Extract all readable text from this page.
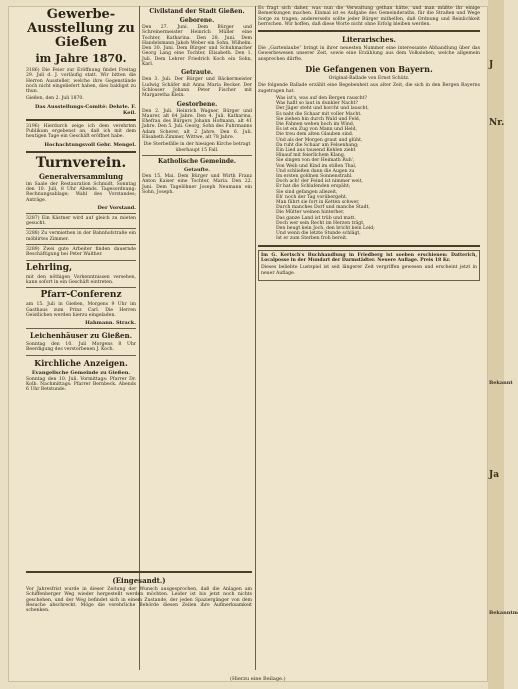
J
Nr.
Bekannt
Ja
Bekanntm
Gewerbe-Ausstellung zu Gießen
im Jahre 1870.
3186) Die Feier zur Eröffnung findet Freitag 29. Juli d. J. vorläufig statt. Wir bitten die Herren Aussteller, welche ihre Gegenstände noch nicht eingeliefert haben, dies baldigst zu thun.
Gießen, den 2. Juli 1870.
Das Ausstellungs-Comité: Dehrle. F. Keil.
3196) Hierdurch zeige ich dem verehrten Publikum ergebenst an, daß ich mit dem heutigen Tage ein Geschäft eröffnet habe.
Hochachtungsvoll Gebr. Mengel.
Turnverein.
Generalversammlung
im Saale der Restauration Schmidt, Sonntag den 10. Juli, 8 Uhr Abends. Tagesordnung: Rechnungsablage; Wahl des Vorstandes; Anträge.
Der Vorstand.
3287) Ein Kästner wird auf gleich zu mieten gesucht.
3288) Zu vermiethen in der Bahnhofstraße ein möblirtes Zimmer.
3289) Zwei gute Arbeiter finden dauernde Beschäftigung bei Peter Walther.
Lehrling,
mit den nöthigen Vorkenntnissen versehen, kann sofort in ein Geschäft eintreten.
Pfarr-Conferenz
am 15. Juli in Gießen, Morgens 9 Uhr im Gasthaus zum Prinz Carl. Die Herren Geistlichen werden hierzu eingeladen.
Hahmann. Strack.
Leichenhäuser zu Gießen.
Sonntag den 10. Juli Morgens 8 Uhr Beerdigung des verstorbenen J. Koch.
Kirchliche Anzeigen.
Evangelische Gemeinde zu Gießen.
Sonntag den 10. Juli. Vormittags: Pfarrer Dr. Kolb. Nachmittags: Pfarrer Bernbeck. Abends 6 Uhr Betstunde.
(Eingesandt.)
Vor Jahresfrist wurde in dieser Zeitung der Wunsch ausgesprochen, daß die Anlagen am Schiffenberger Weg wieder hergestellt werden möchten. Leider ist bis jetzt noch nichts geschehen, und der Weg befindet sich in einem Zustande, der jeden Spaziergänger von dem Besuche abschreckt. Möge die verehrliche Behörde diesen Zeilen ihre Aufmerksamkeit schenken.
Civilstand der Stadt Gießen.
Geborene.
Den 27. Juni. Dem Bürger und Schreinermeister Heinrich Müller eine Tochter, Katharina. Den 28. Juni. Dem Handelsmann Jakob Weber ein Sohn, Wilhelm. Den 30. Juni. Dem Bürger und Schuhmacher Georg Lang eine Tochter, Elisabeth. Den 1. Juli. Dem Lehrer Friedrich Koch ein Sohn, Karl.
Getraute.
Den 3. Juli. Der Bürger und Bäckermeister Ludwig Schäfer mit Anna Maria Becker. Der Schlosser Johann Peter Fischer mit Margaretha Klein.
Gestorbene.
Den 2. Juli. Heinrich Wagner, Bürger und Maurer, alt 64 Jahre. Den 4. Juli. Katharina, Ehefrau des Bürgers Johann Hofmann, alt 41 Jahre. Den 5. Juli. Georg, Sohn des Fuhrmanns Adam Scherer, alt 2 Jahre. Den 6. Juli. Elisabeth Zimmer, Wittwe, alt 78 Jahre.
Die Sterbefälle in der hiesigen Kirche betragt überhaupt 15 Fall.
Katholische Gemeinde.
Getaufte.
Den 15. Mai. Dem Bürger und Wirth Franz Anton Kaiser eine Tochter, Maria. Den 22. Juni. Dem Tagelöhner Joseph Neumann ein Sohn, Joseph.
Es fragt sich daher, was nun die Verwaltung gethan hätte, und man müßte ihr einige Bemerkungen machen. Einmal ist es Aufgabe des Gemeinderaths, für die Straßen und Wege Sorge zu tragen; andererseits sollte jeder Bürger mithelfen, daß Ordnung und Reinlichkeit herrschen. Wir hoffen, daß diese Worte nicht ohne Erfolg bleiben werden.
Literarisches.
Die „Gartenlaube“ bringt in ihrer neuesten Nummer eine interessante Abhandlung über das Gewerbewesen unserer Zeit, sowie eine Erzählung aus dem Volksleben, welche allgemein ansprechen dürfte.
Die Gefangenen von Bayern.
Original-Ballade von Ernst Schütz.
Die folgende Ballade erzählt eine Begebenheit aus alter Zeit, die sich in den Bergen Bayerns zugetragen hat.
Was ist's, was auf den Bergen rauscht?
Was hallt so laut in dunkler Nacht?
Der Jäger steht und horcht und lauscht,
Es naht die Schaar mit voller Macht.
Sie ziehen hin durch Wald und Feld,
Die Fahnen wehen hoch im Wind,
Es ist ein Zug von Mann und Held,
Die treu dem alten Glauben sind.
Und als der Morgen graut und glüht,
Da ruht die Schaar am Felsenhang;
Ein Lied aus tausend Kehlen zieht
Hinauf mit feierlichem Klang.
Sie singen von der Heimath Ruh',
Von Weib und Kind im stillen Thal,
Und schließen dann die Augen zu
Im ersten goldnen Sonnenstrahl.
Doch ach! der Feind ist nimmer weit,
Er hat die Schlafenden erspäht;
Sie sind gefangen allezeit,
Eh' noch der Tag vorübergeht.
Man führt sie fort in Ketten schwer,
Durch manches Dorf und manche Stadt,
Die Mütter weinen hinterher,
Das ganze Land ist trüb und matt.
Doch wer sein Recht im Herzen trägt,
Den beugt kein Joch, den bricht kein Leid;
Und wenn die letzte Stunde schlägt,
Ist er zum Sterben froh bereit.
Im G. Kertsch's Buchhandlung in Friedberg ist soeben erschienen: Datterich, Localposse in der Mundart der Darmstädter. Neuere Auflage. Preis 18 Kr.
Dieses beliebte Lustspiel ist seit längerer Zeit vergriffen gewesen und erscheint jetzt in neuer Auflage.
(Hierzu eine Beilage.)
